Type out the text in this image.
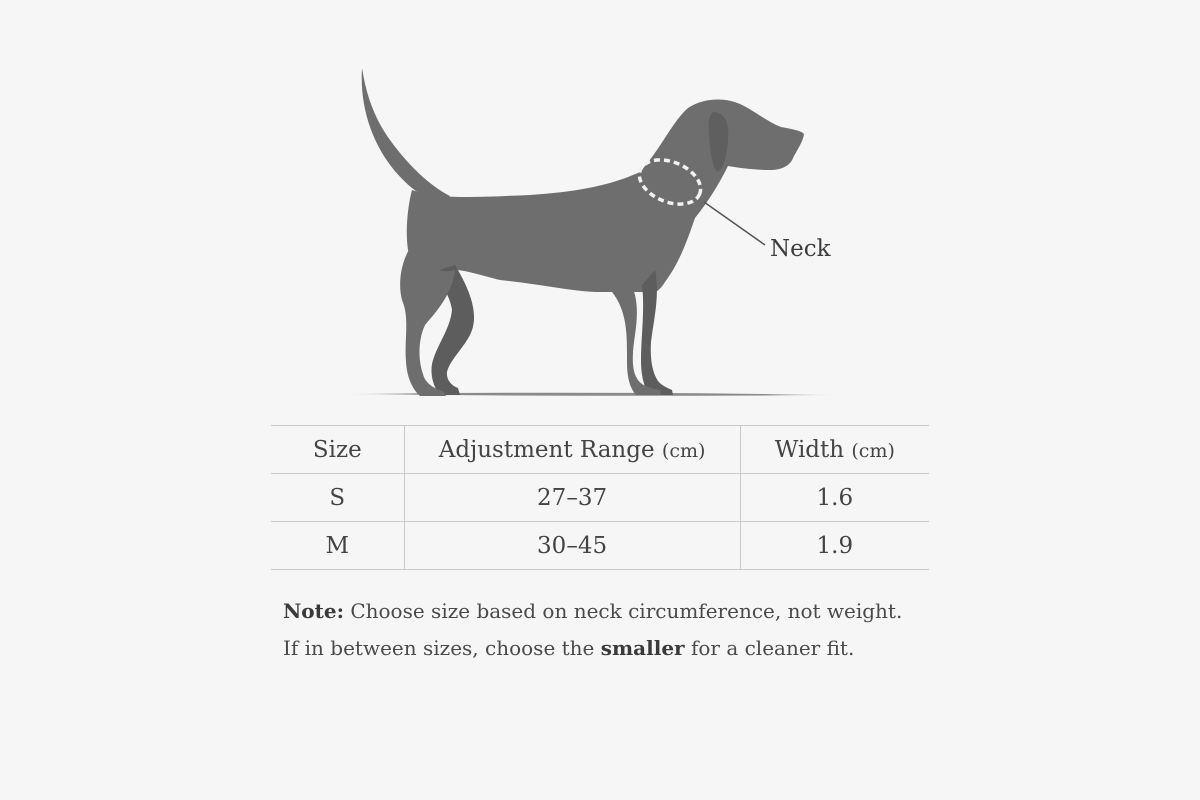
Neck
Size	Adjustment Range (cm)	Width (cm)
S	27–37	1.6
M	30–45	1.9
Note: Choose size based on neck circumference, not weight.
If in between sizes, choose the smaller for a cleaner fit.
